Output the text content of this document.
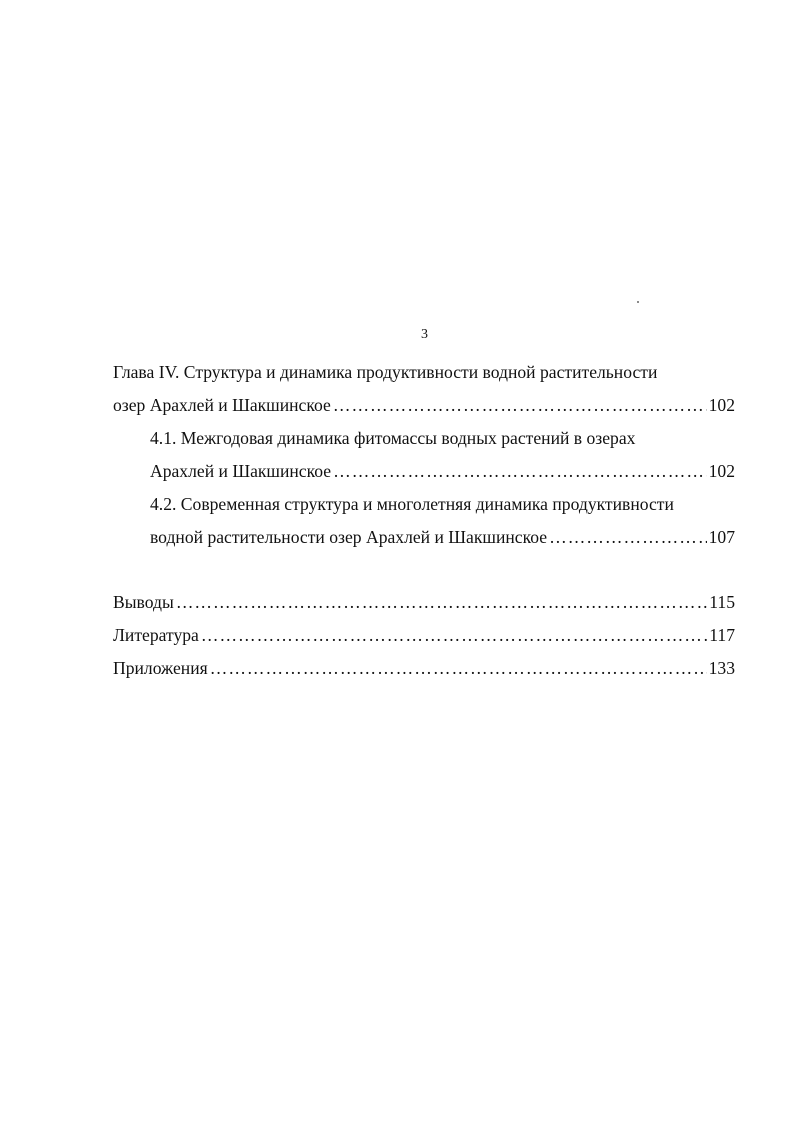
3
Глава IV. Структура и динамика продуктивности водной растительности
озер Арахлей и Шакшинское …………………………………………………………………………………………………………………………………………………………	102
4.1. Межгодовая динамика фитомассы водных растений в озерах
Арахлей и Шакшинское …………………………………………………………………………………………………………………………………………………………	102
4.2. Современная структура и многолетняя динамика продуктивности
водной растительности озер Арахлей и Шакшинское …………………………………………………………………………………………………………………………………………………………	107
Выводы …………………………………………………………………………………………………………………………………………………………	115
Литература …………………………………………………………………………………………………………………………………………………………	117
Приложения …………………………………………………………………………………………………………………………………………………………	133
